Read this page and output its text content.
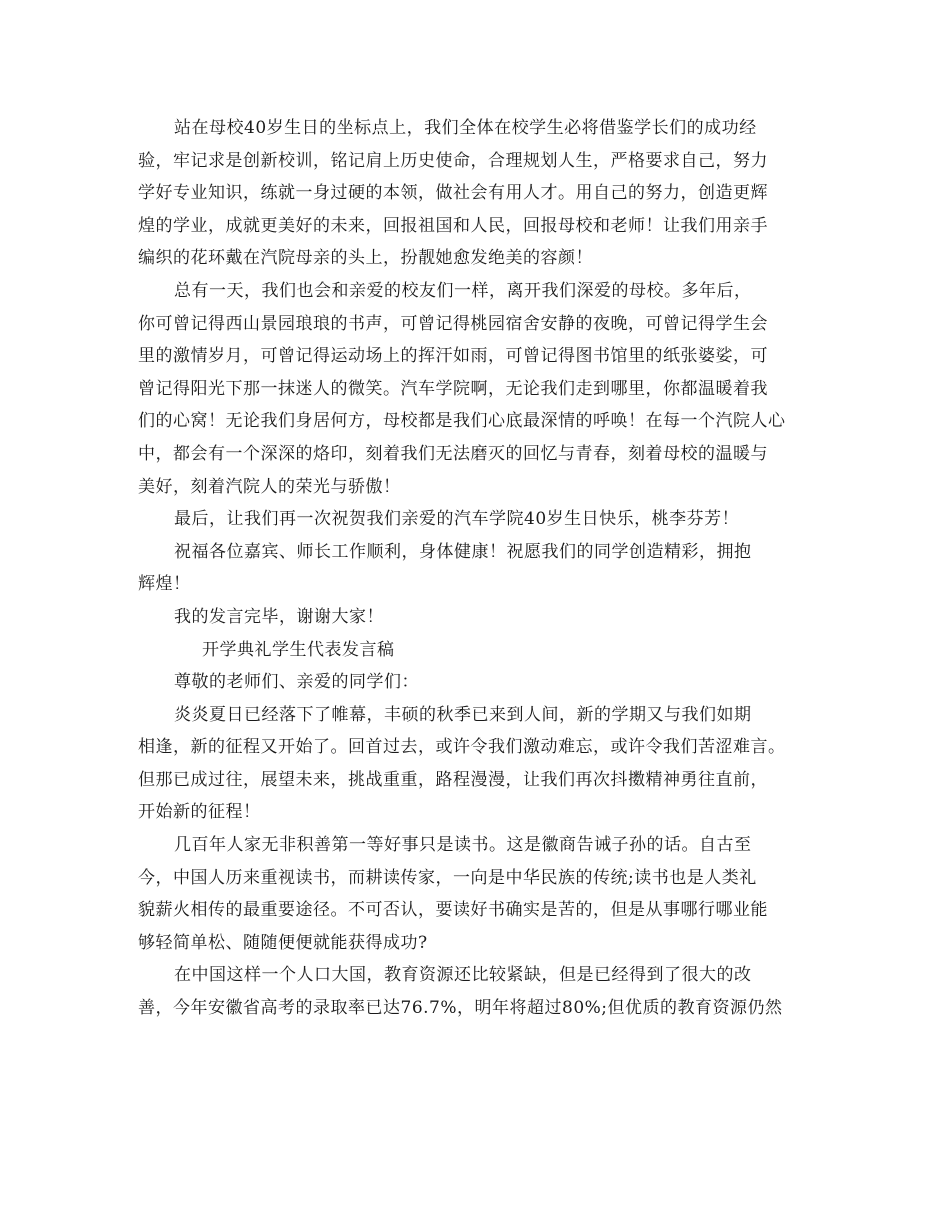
站在母校40岁生日的坐标点上，我们全体在校学生必将借鉴学长们的成功经
验，牢记求是创新校训，铭记肩上历史使命，合理规划人生，严格要求自己，努力
学好专业知识，练就一身过硬的本领，做社会有用人才。用自己的努力，创造更辉
煌的学业，成就更美好的未来，回报祖国和人民，回报母校和老师！让我们用亲手
编织的花环戴在汽院母亲的头上，扮靓她愈发绝美的容颜！
总有一天，我们也会和亲爱的校友们一样，离开我们深爱的母校。多年后，
你可曾记得西山景园琅琅的书声，可曾记得桃园宿舍安静的夜晚，可曾记得学生会
里的激情岁月，可曾记得运动场上的挥汗如雨，可曾记得图书馆里的纸张婆娑，可
曾记得阳光下那一抹迷人的微笑。汽车学院啊，无论我们走到哪里，你都温暖着我
们的心窝！无论我们身居何方，母校都是我们心底最深情的呼唤！在每一个汽院人心
中，都会有一个深深的烙印，刻着我们无法磨灭的回忆与青春，刻着母校的温暖与
美好，刻着汽院人的荣光与骄傲！
最后，让我们再一次祝贺我们亲爱的汽车学院40岁生日快乐，桃李芬芳！
祝福各位嘉宾、师长工作顺利，身体健康！祝愿我们的同学创造精彩，拥抱
辉煌！
我的发言完毕，谢谢大家！
开学典礼学生代表发言稿
尊敬的老师们、亲爱的同学们：
炎炎夏日已经落下了帷幕，丰硕的秋季已来到人间，新的学期又与我们如期
相逢，新的征程又开始了。回首过去，或许令我们激动难忘，或许令我们苦涩难言。
但那已成过往，展望未来，挑战重重，路程漫漫，让我们再次抖擞精神勇往直前，
开始新的征程！
几百年人家无非积善第一等好事只是读书。这是徽商告诫子孙的话。自古至
今，中国人历来重视读书，而耕读传家，一向是中华民族的传统;读书也是人类礼
貌薪火相传的最重要途径。不可否认，要读好书确实是苦的，但是从事哪行哪业能
够轻简单松、随随便便就能获得成功?
在中国这样一个人口大国，教育资源还比较紧缺，但是已经得到了很大的改
善，今年安徽省高考的录取率已达76.7%，明年将超过80%;但优质的教育资源仍然
